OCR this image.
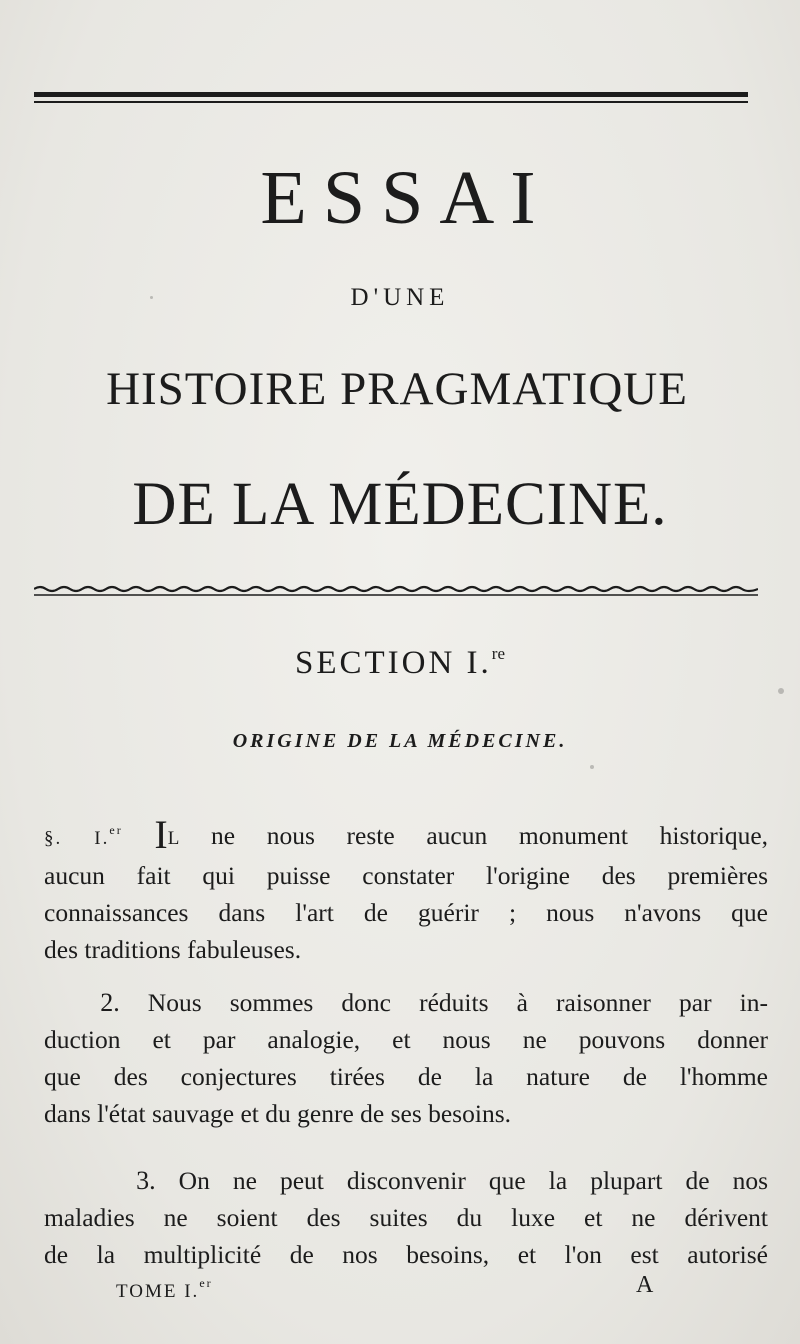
ESSAI
D'UNE
HISTOIRE PRAGMATIQUE
DE LA MÉDECINE.
SECTION I.$^{re}$
ORIGINE DE LA MÉDECINE.
§. I.$^{er}$ IL ne nous reste aucun monument historique,
aucun fait qui puisse constater l'origine des premières
connaissances dans l'art de guérir ; nous n'avons que
des traditions fabuleuses.
2. Nous sommes donc réduits à raisonner par in-
duction et par analogie, et nous ne pouvons donner
que des conjectures tirées de la nature de l'homme
dans l'état sauvage et du genre de ses besoins.
3. On ne peut disconvenir que la plupart de nos
maladies ne soient des suites du luxe et ne dérivent
de la multiplicité de nos besoins, et l'on est autorisé
TOME I.$^{er}$	A
